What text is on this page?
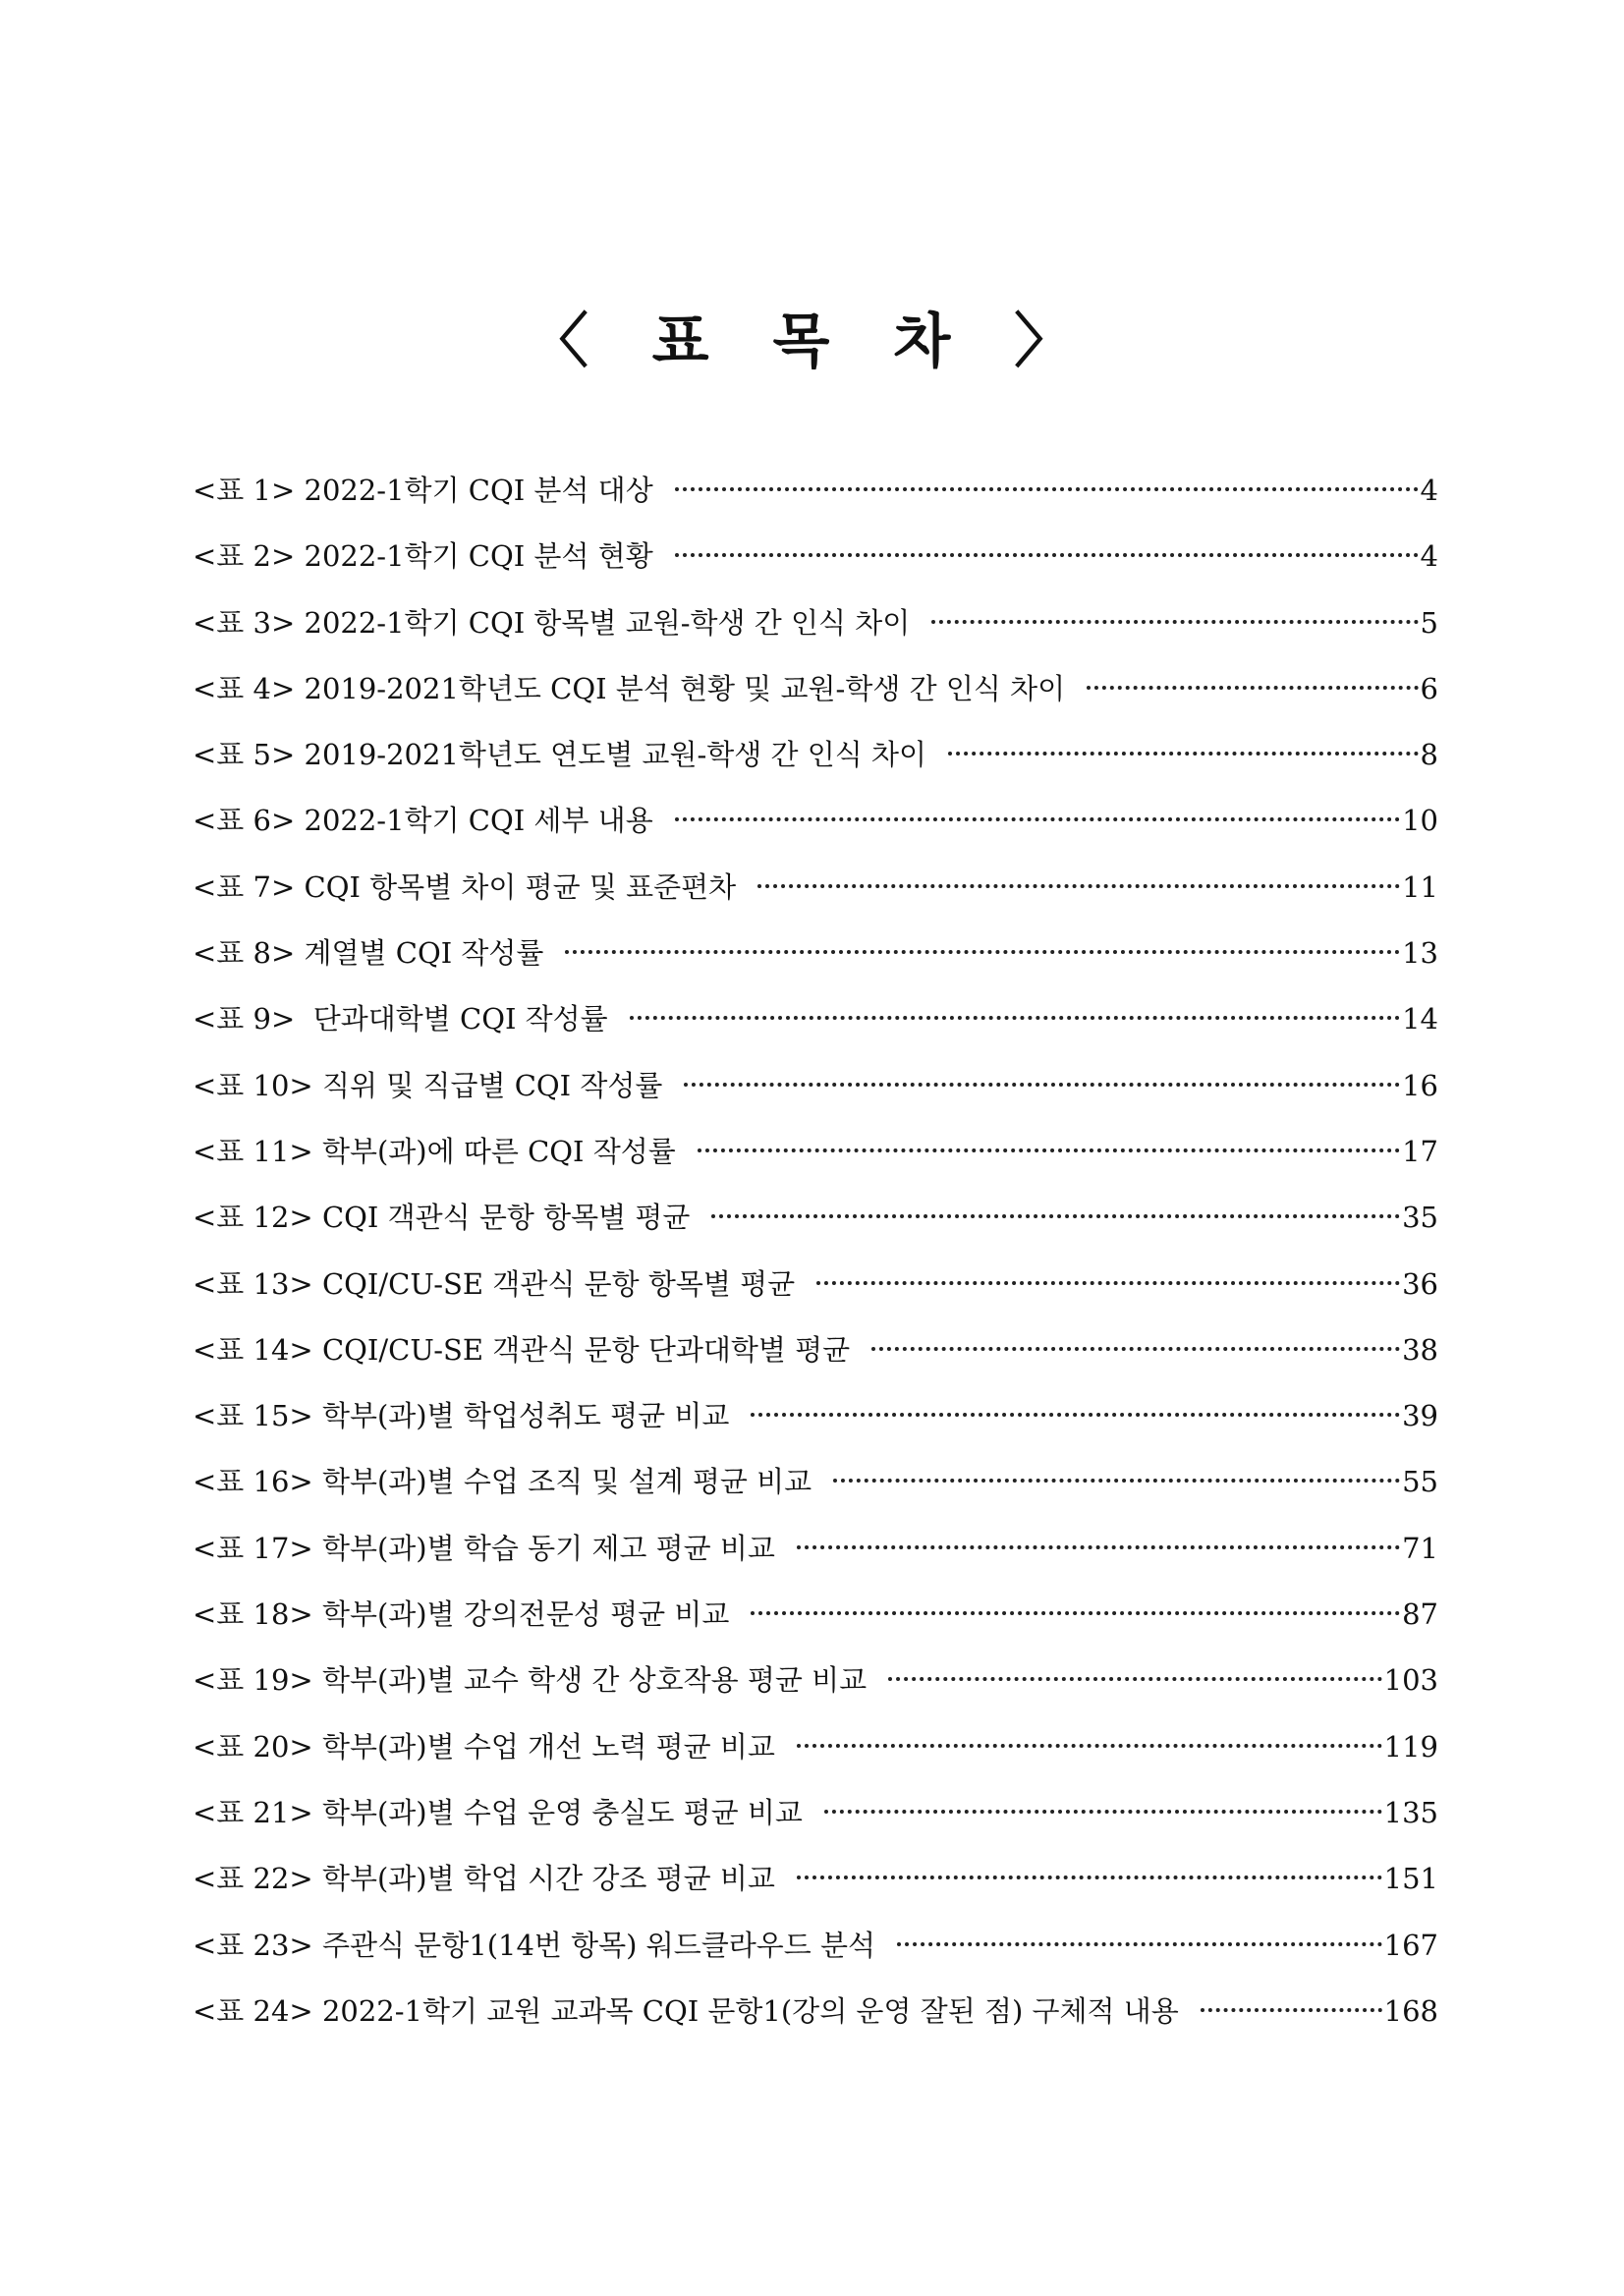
〈 표 목 차 〉
<표 1> 2022-1학기 CQI 분석 대상	4
<표 2> 2022-1학기 CQI 분석 현황	4
<표 3> 2022-1학기 CQI 항목별 교원-학생 간 인식 차이	5
<표 4> 2019-2021학년도 CQI 분석 현황 및 교원-학생 간 인식 차이	6
<표 5> 2019-2021학년도 연도별 교원-학생 간 인식 차이	8
<표 6> 2022-1학기 CQI 세부 내용	10
<표 7> CQI 항목별 차이 평균 및 표준편차	11
<표 8> 계열별 CQI 작성률	13
<표 9>  단과대학별 CQI 작성률	14
<표 10> 직위 및 직급별 CQI 작성률	16
<표 11> 학부(과)에 따른 CQI 작성률	17
<표 12> CQI 객관식 문항 항목별 평균	35
<표 13> CQI/CU-SE 객관식 문항 항목별 평균	36
<표 14> CQI/CU-SE 객관식 문항 단과대학별 평균	38
<표 15> 학부(과)별 학업성취도 평균 비교	39
<표 16> 학부(과)별 수업 조직 및 설계 평균 비교	55
<표 17> 학부(과)별 학습 동기 제고 평균 비교	71
<표 18> 학부(과)별 강의전문성 평균 비교	87
<표 19> 학부(과)별 교수 학생 간 상호작용 평균 비교	103
<표 20> 학부(과)별 수업 개선 노력 평균 비교	119
<표 21> 학부(과)별 수업 운영 충실도 평균 비교	135
<표 22> 학부(과)별 학업 시간 강조 평균 비교	151
<표 23> 주관식 문항1(14번 항목) 워드클라우드 분석	167
<표 24> 2022-1학기 교원 교과목 CQI 문항1(강의 운영 잘된 점) 구체적 내용	168
